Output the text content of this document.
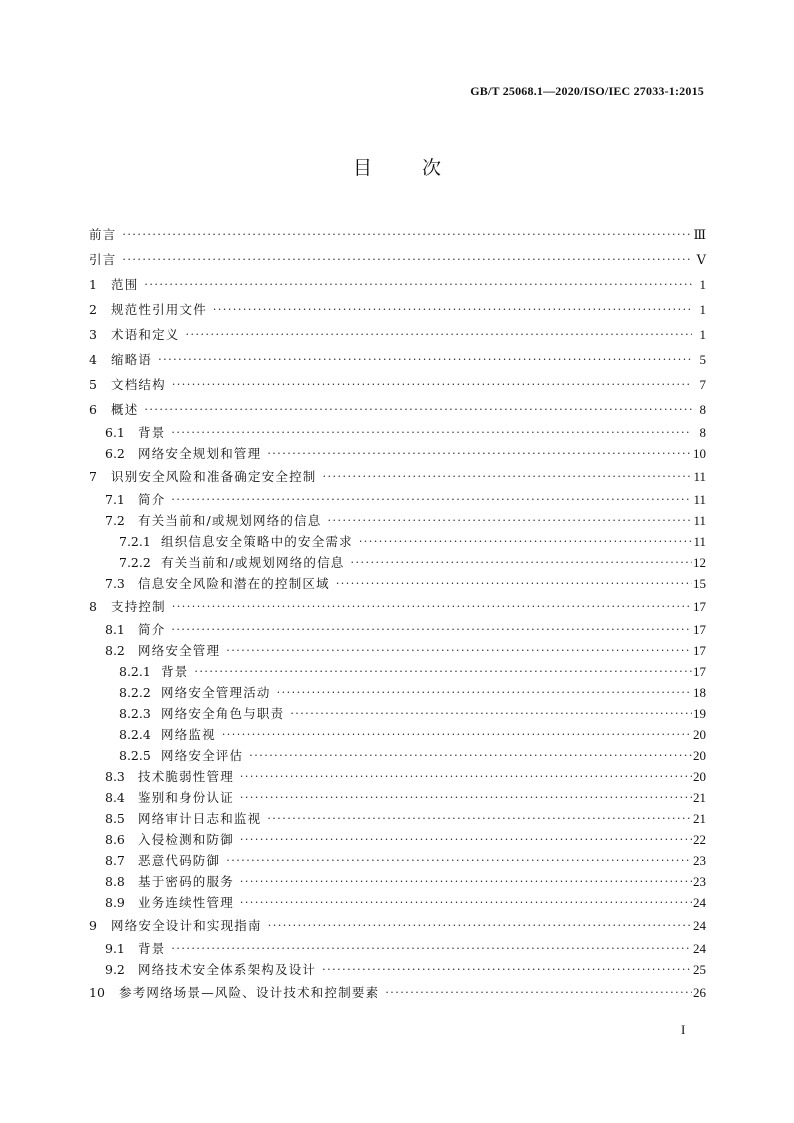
GB/T 25068.1—2020/ISO/IEC 27033-1:2015
目次
前言 ·····	Ⅲ
引言 ·····	Ⅴ
1	范围 ·····	1
2	规范性引用文件 ·····	1
3	术语和定义 ·····	1
4	缩略语 ·····	5
5	文档结构 ·····	7
6	概述 ·····	8
6.1	背景 ·····	8
6.2	网络安全规划和管理 ·····	10
7	识别安全风险和准备确定安全控制 ·····	11
7.1	简介 ·····	11
7.2	有关当前和/或规划网络的信息 ·····	11
7.2.1 组织信息安全策略中的安全需求 ·····	11
7.2.2 有关当前和/或规划网络的信息 ·····	12
7.3	信息安全风险和潜在的控制区域 ·····	15
8	支持控制 ·····	17
8.1	简介 ·····	17
8.2	网络安全管理 ·····	17
8.2.1 背景 ·····	17
8.2.2 网络安全管理活动 ·····	18
8.2.3 网络安全角色与职责 ·····	19
8.2.4 网络监视 ·····	20
8.2.5 网络安全评估 ·····	20
8.3	技术脆弱性管理 ·····	20
8.4	鉴别和身份认证 ·····	21
8.5	网络审计日志和监视 ·····	21
8.6	入侵检测和防御 ·····	22
8.7	恶意代码防御 ·····	23
8.8	基于密码的服务 ·····	23
8.9	业务连续性管理 ·····	24
9	网络安全设计和实现指南 ·····	24
9.1	背景 ·····	24
9.2	网络技术安全体系架构及设计 ·····	25
10	参考网络场景—风险、设计技术和控制要素 ·····	26
I
